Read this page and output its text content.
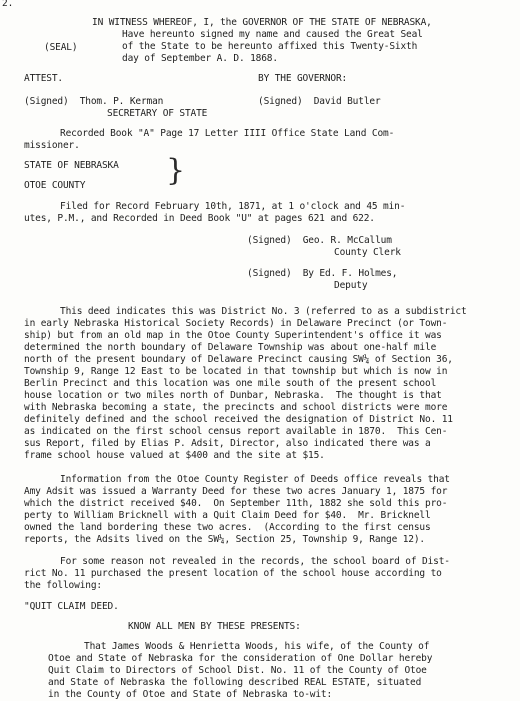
2.
IN WITNESS WHEREOF, I, the GOVERNOR OF THE STATE OF NEBRASKA,
Have hereunto signed my name and caused the Great Seal
of the State to be hereunto affixed this Twenty-Sixth
(SEAL)
day of September A. D. 1868.
ATTEST.	BY THE GOVERNOR:
(Signed)  Thom. P. Kerman	(Signed)  David Butler
SECRETARY OF STATE
Recorded Book "A" Page 17 Letter IIII Office State Land Com-
missioner.
STATE OF NEBRASKA }
OTOE COUNTY
Filed for Record February 10th, 1871, at 1 o'clock and 45 min-
utes, P.M., and Recorded in Deed Book "U" at pages 621 and 622.
(Signed)  Geo. R. McCallum
County Clerk
(Signed)  By Ed. F. Holmes,
Deputy
This deed indicates this was District No. 3 (referred to as a subdistrict
in early Nebraska Historical Society Records) in Delaware Precinct (or Town-
ship) but from an old map in the Otoe County Superintendent's office it was
determined the north boundary of Delaware Township was about one-half mile
north of the present boundary of Delaware Precinct causing SW¼ of Section 36,
Township 9, Range 12 East to be located in that township but which is now in
Berlin Precinct and this location was one mile south of the present school
house location or two miles north of Dunbar, Nebraska.  The thought is that
with Nebraska becoming a state, the precincts and school districts were more
definitely defined and the school received the designation of District No. 11
as indicated on the first school census report available in 1870.  This Cen-
sus Report, filed by Elias P. Adsit, Director, also indicated there was a
frame school house valued at $400 and the site at $15.
Information from the Otoe County Register of Deeds office reveals that
Amy Adsit was issued a Warranty Deed for these two acres January 1, 1875 for
which the district received $40.  On September 11th, 1882 she sold this pro-
perty to William Bricknell with a Quit Claim Deed for $40.  Mr. Bricknell
owned the land bordering these two acres.  (According to the first census
reports, the Adsits lived on the SW¼, Section 25, Township 9, Range 12).
For some reason not revealed in the records, the school board of Dist-
rict No. 11 purchased the present location of the school house according to
the following:
"QUIT CLAIM DEED.
KNOW ALL MEN BY THESE PRESENTS:
That James Woods & Henrietta Woods, his wife, of the County of
Otoe and State of Nebraska for the consideration of One Dollar hereby
Quit Claim to Directors of School Dist. No. 11 of the County of Otoe
and State of Nebraska the following described REAL ESTATE, situated
in the County of Otoe and State of Nebraska to-wit:
